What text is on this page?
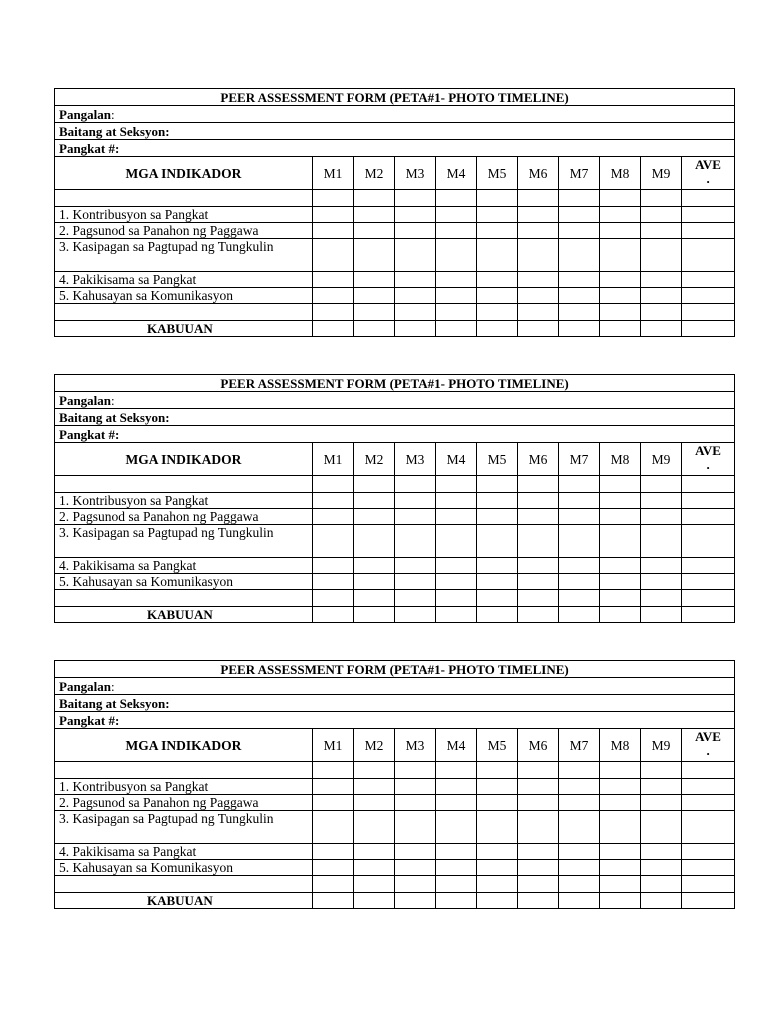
PEER ASSESSMENT FORM (PETA#1- PHOTO TIMELINE)										
Pangalan:										
Baitang at Seksyon:										
Pangkat #:										
MGA INDIKADOR	M1	M2	M3	M4	M5	M6	M7	M8	M9	AVE
.

1. Kontribusyon sa Pangkat										
2. Pagsunod sa Panahon ng Paggawa										
3. Kasipagan sa Pagtupad ng Tungkulin										
4. Pakikisama sa Pangkat										
5. Kahusayan sa Komunikasyon										

KABUUAN										
PEER ASSESSMENT FORM (PETA#1- PHOTO TIMELINE)										
Pangalan:										
Baitang at Seksyon:										
Pangkat #:										
MGA INDIKADOR	M1	M2	M3	M4	M5	M6	M7	M8	M9	AVE
.

1. Kontribusyon sa Pangkat										
2. Pagsunod sa Panahon ng Paggawa										
3. Kasipagan sa Pagtupad ng Tungkulin										
4. Pakikisama sa Pangkat										
5. Kahusayan sa Komunikasyon										

KABUUAN										
PEER ASSESSMENT FORM (PETA#1- PHOTO TIMELINE)										
Pangalan:										
Baitang at Seksyon:										
Pangkat #:										
MGA INDIKADOR	M1	M2	M3	M4	M5	M6	M7	M8	M9	AVE
.

1. Kontribusyon sa Pangkat										
2. Pagsunod sa Panahon ng Paggawa										
3. Kasipagan sa Pagtupad ng Tungkulin										
4. Pakikisama sa Pangkat										
5. Kahusayan sa Komunikasyon										

KABUUAN										
